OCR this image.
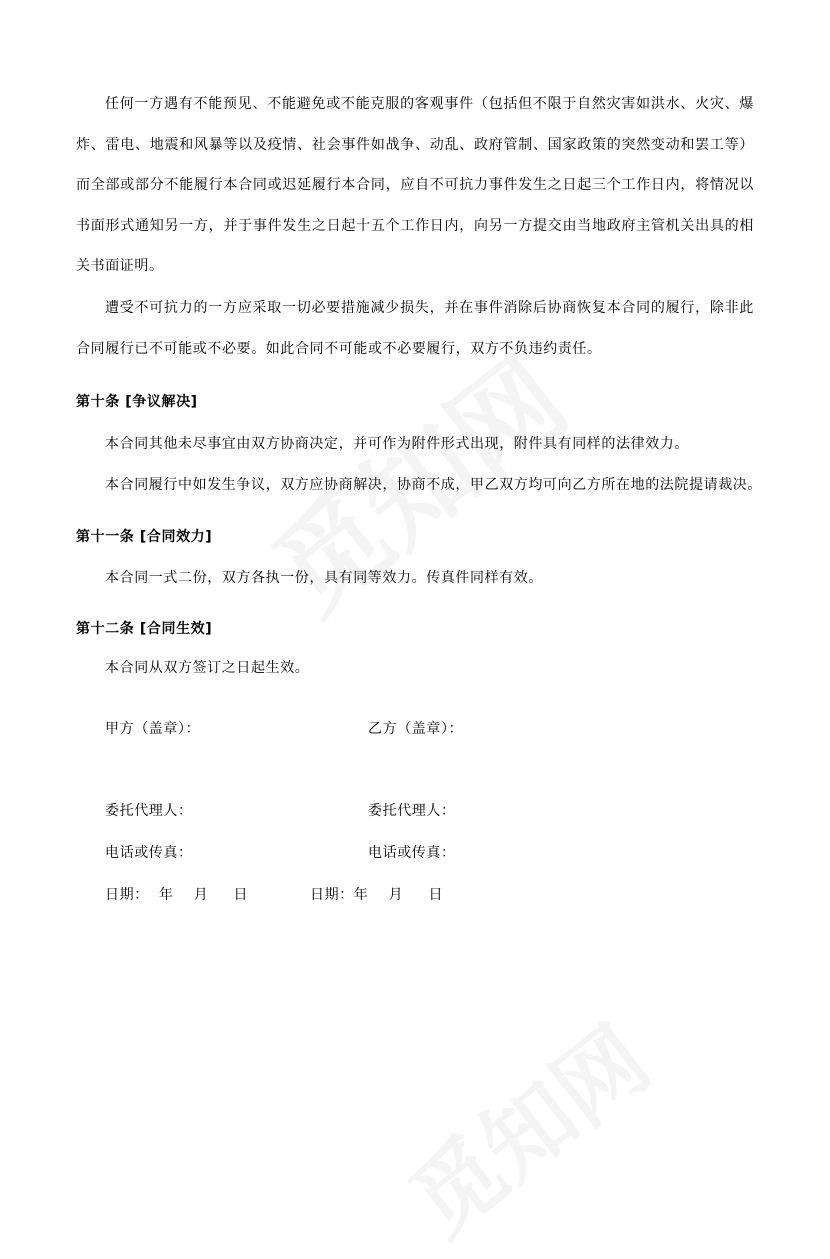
任何一方遇有不能预见、不能避免或不能克服的客观事件（包括但不限于自然灾害如洪水、火灾、爆炸、雷电、地震和风暴等以及疫情、社会事件如战争、动乱、政府管制、国家政策的突然变动和罢工等）而全部或部分不能履行本合同或迟延履行本合同，应自不可抗力事件发生之日起三个工作日内，将情况以书面形式通知另一方，并于事件发生之日起十五个工作日内，向另一方提交由当地政府主管机关出具的相关书面证明。

遭受不可抗力的一方应采取一切必要措施减少损失，并在事件消除后协商恢复本合同的履行，除非此合同履行已不可能或不必要。如此合同不可能或不必要履行，双方不负违约责任。

第十条 [争议解决]

本合同其他未尽事宜由双方协商决定，并可作为附件形式出现，附件具有同样的法律效力。

本合同履行中如发生争议，双方应协商解决，协商不成，甲乙双方均可向乙方所在地的法院提请裁决。

第十一条 [合同效力]

本合同一式二份，双方各执一份，具有同等效力。传真件同样有效。

第十二条 [合同生效]

本合同从双方签订之日起生效。

甲方（盖章）：	乙方（盖章）：
委托代理人：	委托代理人：
电话或传真：	电话或传真：
日期：  年    月     日	日期：年    月     日
